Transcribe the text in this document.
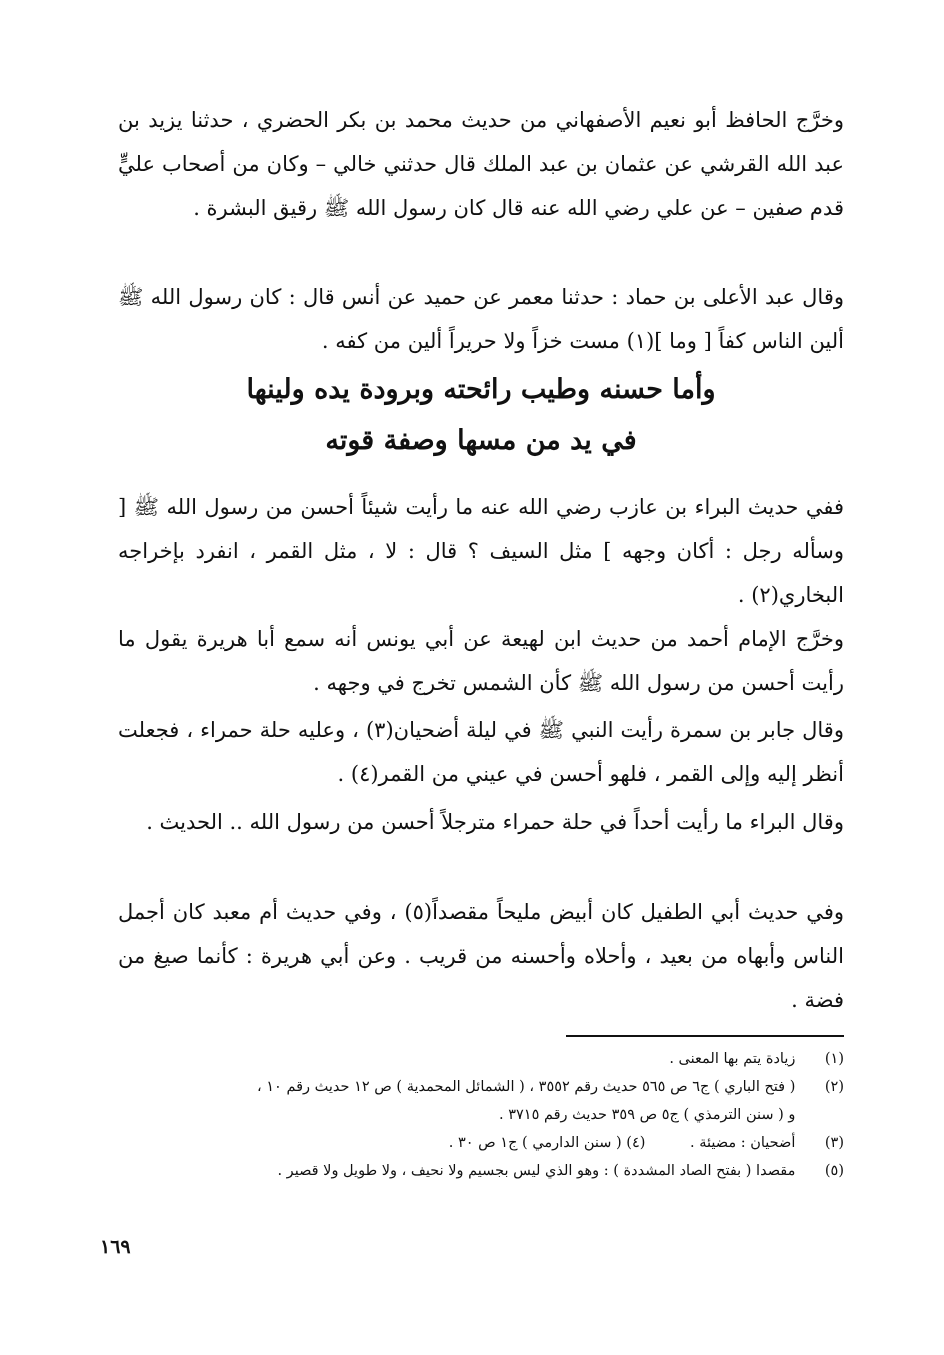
وخرَّج الحافظ أبو نعيم الأصفهاني من حديث محمد بن بكر الحضري ، حدثنا يزيد بن عبد الله القرشي عن عثمان بن عبد الملك قال حدثني خالي – وكان من أصحاب عليٍّ قدم صفين – عن علي رضي الله عنه قال كان رسول الله ﷺ رقيق البشرة .

وقال عبد الأعلى بن حماد : حدثنا معمر عن حميد عن أنس قال : كان رسول الله ﷺ ألين الناس كفاً [ وما ](١) مست خزاً ولا حريراً ألين من كفه .

وأما حسنه وطيب رائحته وبرودة يده ولينها
في يد من مسها وصفة قوته

ففي حديث البراء بن عازب رضي الله عنه ما رأيت شيئاً أحسن من رسول الله ﷺ [ وسأله رجل : أكان وجهه ] مثل السيف ؟ قال : لا ، مثل القمر ، انفرد بإخراجه البخاري(٢) .

وخرَّج الإمام أحمد من حديث ابن لهيعة عن أبي يونس أنه سمع أبا هريرة يقول ما رأيت أحسن من رسول الله ﷺ كأن الشمس تخرج في وجهه .

وقال جابر بن سمرة رأيت النبي ﷺ في ليلة أضحيان(٣) ، وعليه حلة حمراء ، فجعلت أنظر إليه وإلى القمر ، فلهو أحسن في عيني من القمر(٤) .

وقال البراء ما رأيت أحداً في حلة حمراء مترجلاً أحسن من رسول الله .. الحديث .

وفي حديث أبي الطفيل كان أبيض مليحاً مقصداً(٥) ، وفي حديث أم معبد كان أجمل الناس وأبهاه من بعيد ، وأحلاه وأحسنه من قريب . وعن أبي هريرة : كأنما صيغ من فضة .

(١) زيادة يتم بها المعنى .
(٢) ( فتح الباري ) ج٦ ص ٥٦٥ حديث رقم ٣٥٥٢ ، ( الشمائل المحمدية ) ص ١٢ حديث رقم ١٠ ،
و ( سنن الترمذي ) ج٥ ص ٣٥٩ حديث رقم ٣٧١٥ .
(٣) أضحيان : مضيئة . (٤) ( سنن الدارمي ) ج١ ص ٣٠ .
(٥) مقصدا ( بفتح الصاد المشددة ) : وهو الذي ليس بجسيم ولا نحيف ، ولا طويل ولا قصير .
١٦٩
